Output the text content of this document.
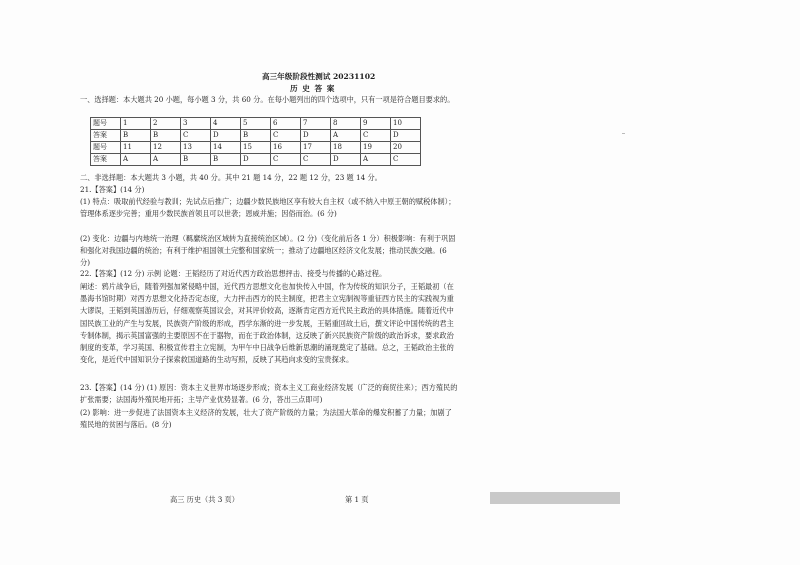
高三年级阶段性测试 20231102
历 史 答 案
一、选择题：本大题共 20 小题，每小题 3 分，共 60 分。在每小题列出的四个选项中，只有一项是符合题目要求的。
题号	1	2	3	4	5	6	7	8	9	10
答案	B	B	C	D	B	C	D	A	C	D
题号	11	12	13	14	15	16	17	18	19	20
答案	A	A	B	B	D	C	C	D	A	C
二、非选择题：本大题共 3 小题，共 40 分。其中 21 题 14 分，22 题 12 分，23 题 14 分。
21.【答案】(14 分)
(1) 特点：吸取前代经验与教训；先试点后推广；边疆少数民族地区享有较大自主权（或不纳入中原王朝的赋税体制）；管理体系逐步完善；重用少数民族首领且可以世袭；恩威并施；因俗而治。(6 分)
(2) 变化：边疆与内地统一治理（羁縻统治区域转为直接统治区域）。(2 分)（变化前后各 1 分）积极影响：有利于巩固和强化对我国边疆的统治；有利于维护祖国领土完整和国家统一；推动了边疆地区经济文化发展；推动民族交融。(6 分)
22.【答案】(12 分) 示例 论题：王韬经历了对近代西方政治思想抨击、接受与传播的心路过程。
阐述：鸦片战争后，随着列强加紧侵略中国，近代西方思想文化也加快传入中国，作为传统的知识分子，王韬最初（在墨海书馆时期）对西方思想文化持否定态度，大力抨击西方的民主制度，把君主立宪制视等重征西方民主的实践视为重大谬误，王韬到英国游历后，仔细观察英国议会，对其评价较高，逐渐肯定西方近代民主政治的具体措施。随着近代中国民族工业的产生与发展，民族资产阶级的形成，西学东渐的进一步发展，王韬重回故土后，撰文评论中国传统的君主专制体制，揭示英国富强的主要原因不在于器物，而在于政治体制，这反映了新兴民族资产阶级的政治诉求，要求政治制度的变革，学习英国、积极宣传君主立宪制，为甲午中日战争后维新思潮的涌现奠定了基础。总之，王韬政治主张的变化，是近代中国知识分子探索救国道路的生动写照，反映了其趋向求变的宝贵探求。
23.【答案】(14 分) (1) 原因：资本主义世界市场逐步形成；资本主义工商业经济发展（广泛的商贸往来）；西方殖民的扩张需要；法国海外殖民地开拓；主导产业优势显著。(6 分，答出三点即可)
(2) 影响：进一步促进了法国资本主义经济的发展，壮大了资产阶级的力量；为法国大革命的爆发积蓄了力量；加剧了殖民地的贫困与落后。(8 分)
高三 历史（共 3 页）	第 1 页
